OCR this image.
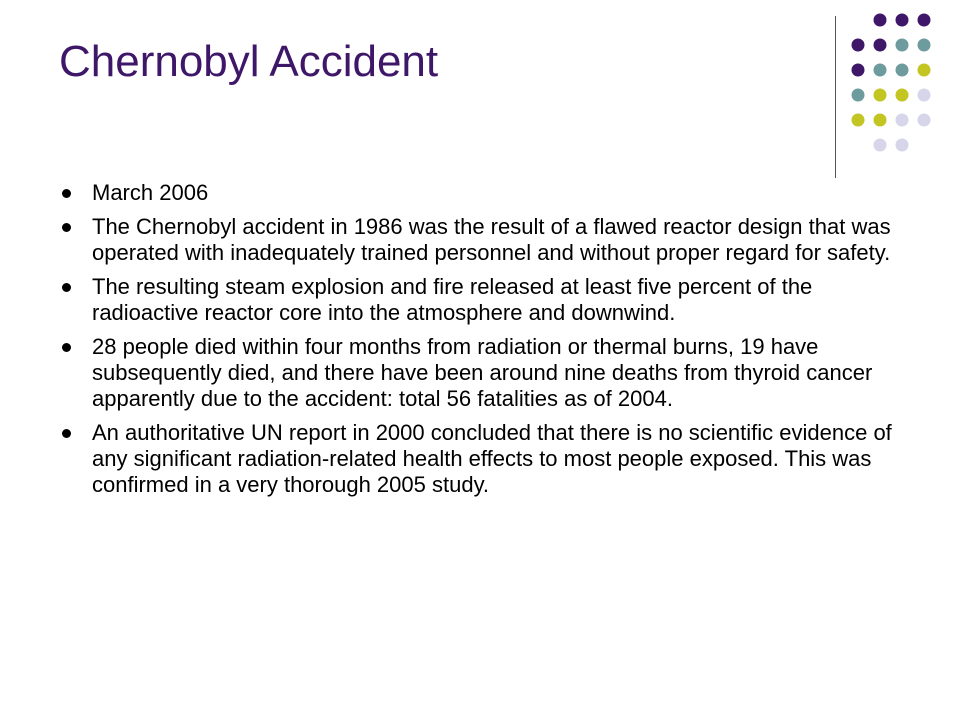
Chernobyl Accident
March 2006
The Chernobyl accident in 1986 was the result of a flawed reactor design that was operated with inadequately trained personnel and without proper regard for safety.
The resulting steam explosion and fire released at least five percent of the radioactive reactor core into the atmosphere and downwind.
28 people died within four months from radiation or thermal burns, 19 have subsequently died, and there have been around nine deaths from thyroid cancer apparently due to the accident: total 56 fatalities as of 2004.
An authoritative UN report in 2000 concluded that there is no scientific evidence of any significant radiation-related health effects to most people exposed. This was confirmed in a very thorough 2005 study.
